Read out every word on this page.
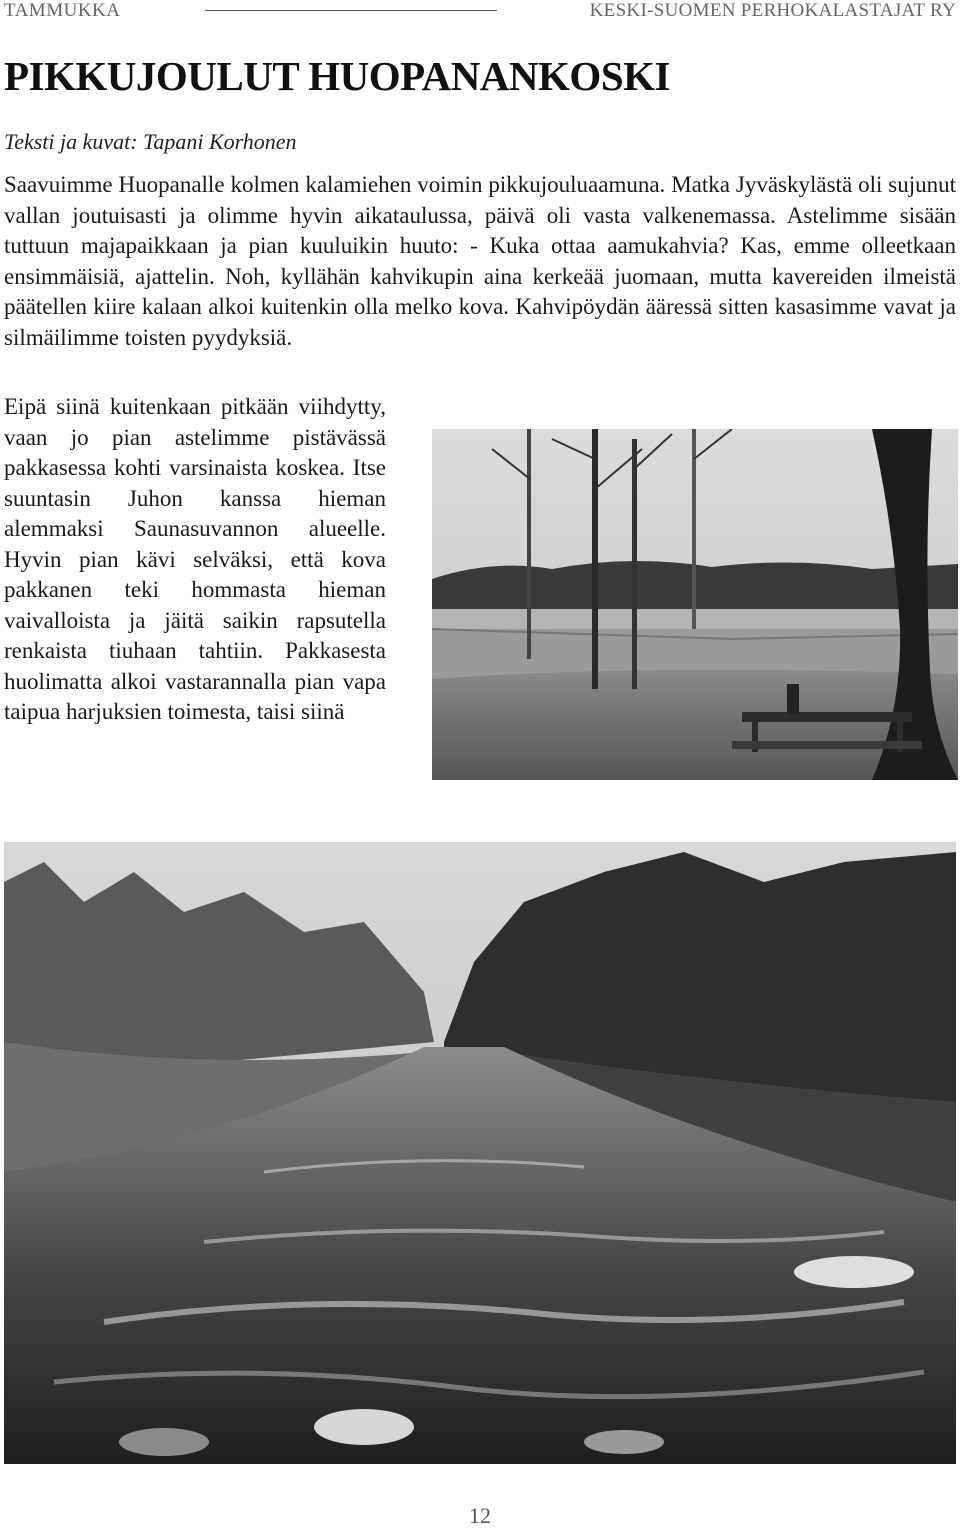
TAMMUKKA	KESKI-SUOMEN PERHOKALASTAJAT RY
PIKKUJOULUT HUOPANANKOSKI
Teksti ja kuvat: Tapani Korhonen

Saavuimme Huopanalle kolmen kalamiehen voimin pikkujouluaamuna. Matka Jyväskylästä oli sujunut vallan joutuisasti ja olimme hyvin aikataulussa, päivä oli vasta valkenemassa. Astelimme sisään tuttuun majapaikkaan ja pian kuuluikin huuto: - Kuka ottaa aamukahvia? Kas, emme olleetkaan ensimmäisiä, ajattelin. Noh, kyllähän kahvikupin aina kerkeää juomaan, mutta kavereiden ilmeistä päätellen kiire kalaan alkoi kuitenkin olla melko kova. Kahvipöydän ääressä sitten kasasimme vavat ja silmäilimme toisten pyydyksiä.

Eipä siinä kuitenkaan pitkään viihdytty, vaan jo pian astelimme pistävässä pakkasessa kohti varsinaista koskea. Itse suuntasin Juhon kanssa hieman alemmaksi Saunasuvannon alueelle. Hyvin pian kävi selväksi, että kova pakkanen teki hommasta hieman vaivalloista ja jäitä saikin rapsutella renkaista tiuhaan tahtiin. Pakkasesta huolimatta alkoi vastarannalla pian vapa taipua harjuksien toimesta, taisi siinä

12
